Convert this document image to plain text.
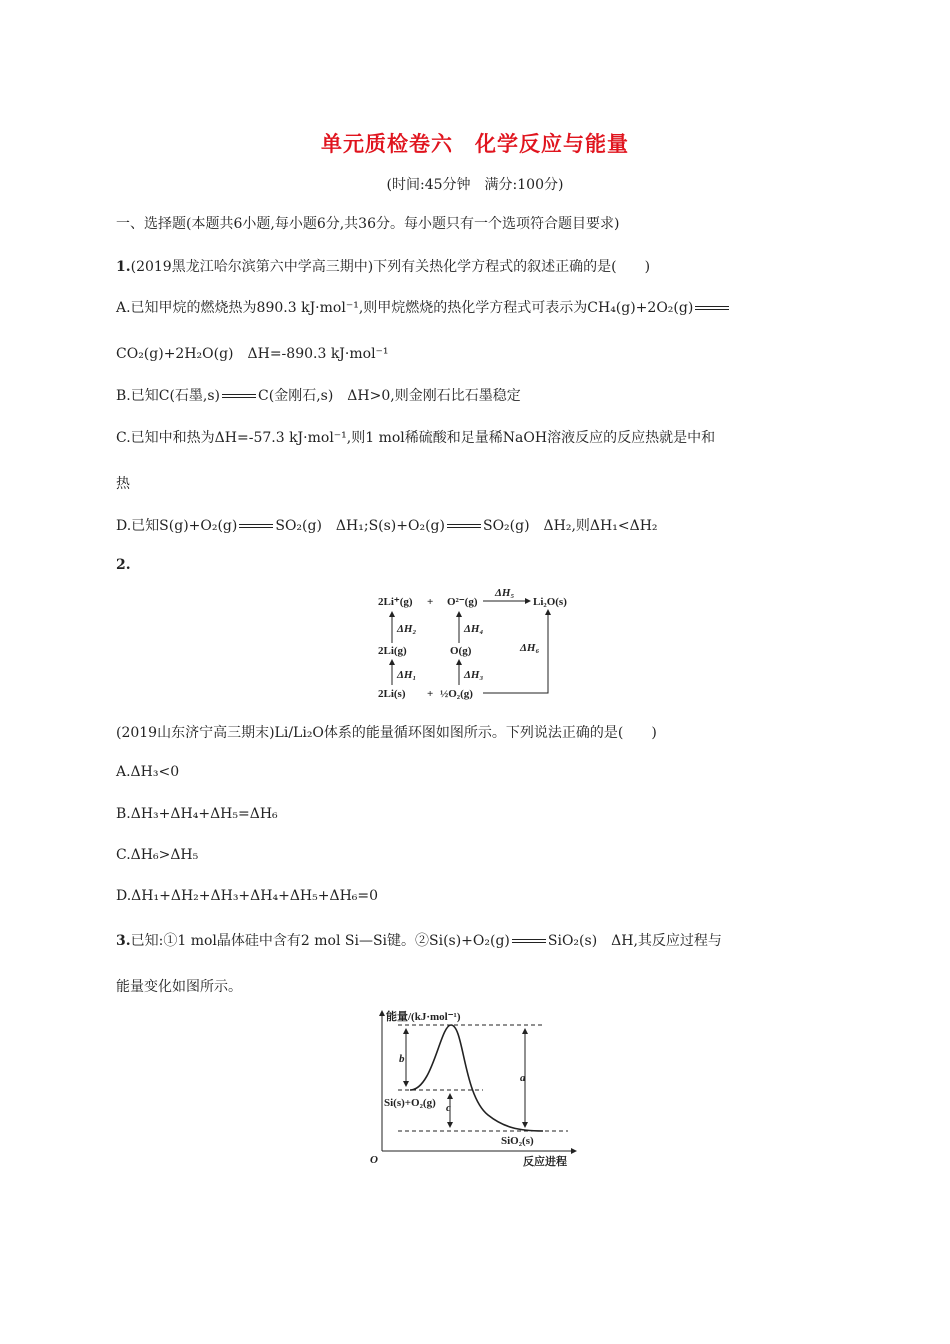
单元质检卷六　化学反应与能量
(时间:45分钟　满分:100分)
一、选择题(本题共6小题,每小题6分,共36分。每小题只有一个选项符合题目要求)
1.(2019黑龙江哈尔滨第六中学高三期中)下列有关热化学方程式的叙述正确的是(　　)
A.已知甲烷的燃烧热为890.3 kJ·mol⁻¹,则甲烷燃烧的热化学方程式可表示为CH₄(g)+2O₂(g)
CO₂(g)+2H₂O(g)　ΔH=-890.3 kJ·mol⁻¹
B.已知C(石墨,s)	C(金刚石,s)　ΔH>0,则金刚石比石墨稳定
C.已知中和热为ΔH=-57.3 kJ·mol⁻¹,则1 mol稀硫酸和足量稀NaOH溶液反应的反应热就是中和
热
D.已知S(g)+O₂(g)	SO₂(g)　ΔH₁;S(s)+O₂(g)	SO₂(g)　ΔH₂,则ΔH₁<ΔH₂
2.
2Li⁺(g) + O²⁻(g)
ΔH₅
Li₂O(s)
ΔH₂	ΔH₄
2Li(g)	O(g)	ΔH₆
ΔH₁	ΔH₃
2Li(s) + ½O₂(g)
(2019山东济宁高三期末)Li/Li₂O体系的能量循环图如图所示。下列说法正确的是(　　)
A.ΔH₃<0
B.ΔH₃+ΔH₄+ΔH₅=ΔH₆
C.ΔH₆>ΔH₅
D.ΔH₁+ΔH₂+ΔH₃+ΔH₄+ΔH₅+ΔH₆=0
3.已知:①1 mol晶体硅中含有2 mol Si—Si键。②Si(s)+O₂(g)	SiO₂(s)　ΔH,其反应过程与
能量变化如图所示。
能量/(kJ·mol⁻¹)
反应进程
O
b
c
a
Si(s)+O₂(g)
SiO₂(s)
